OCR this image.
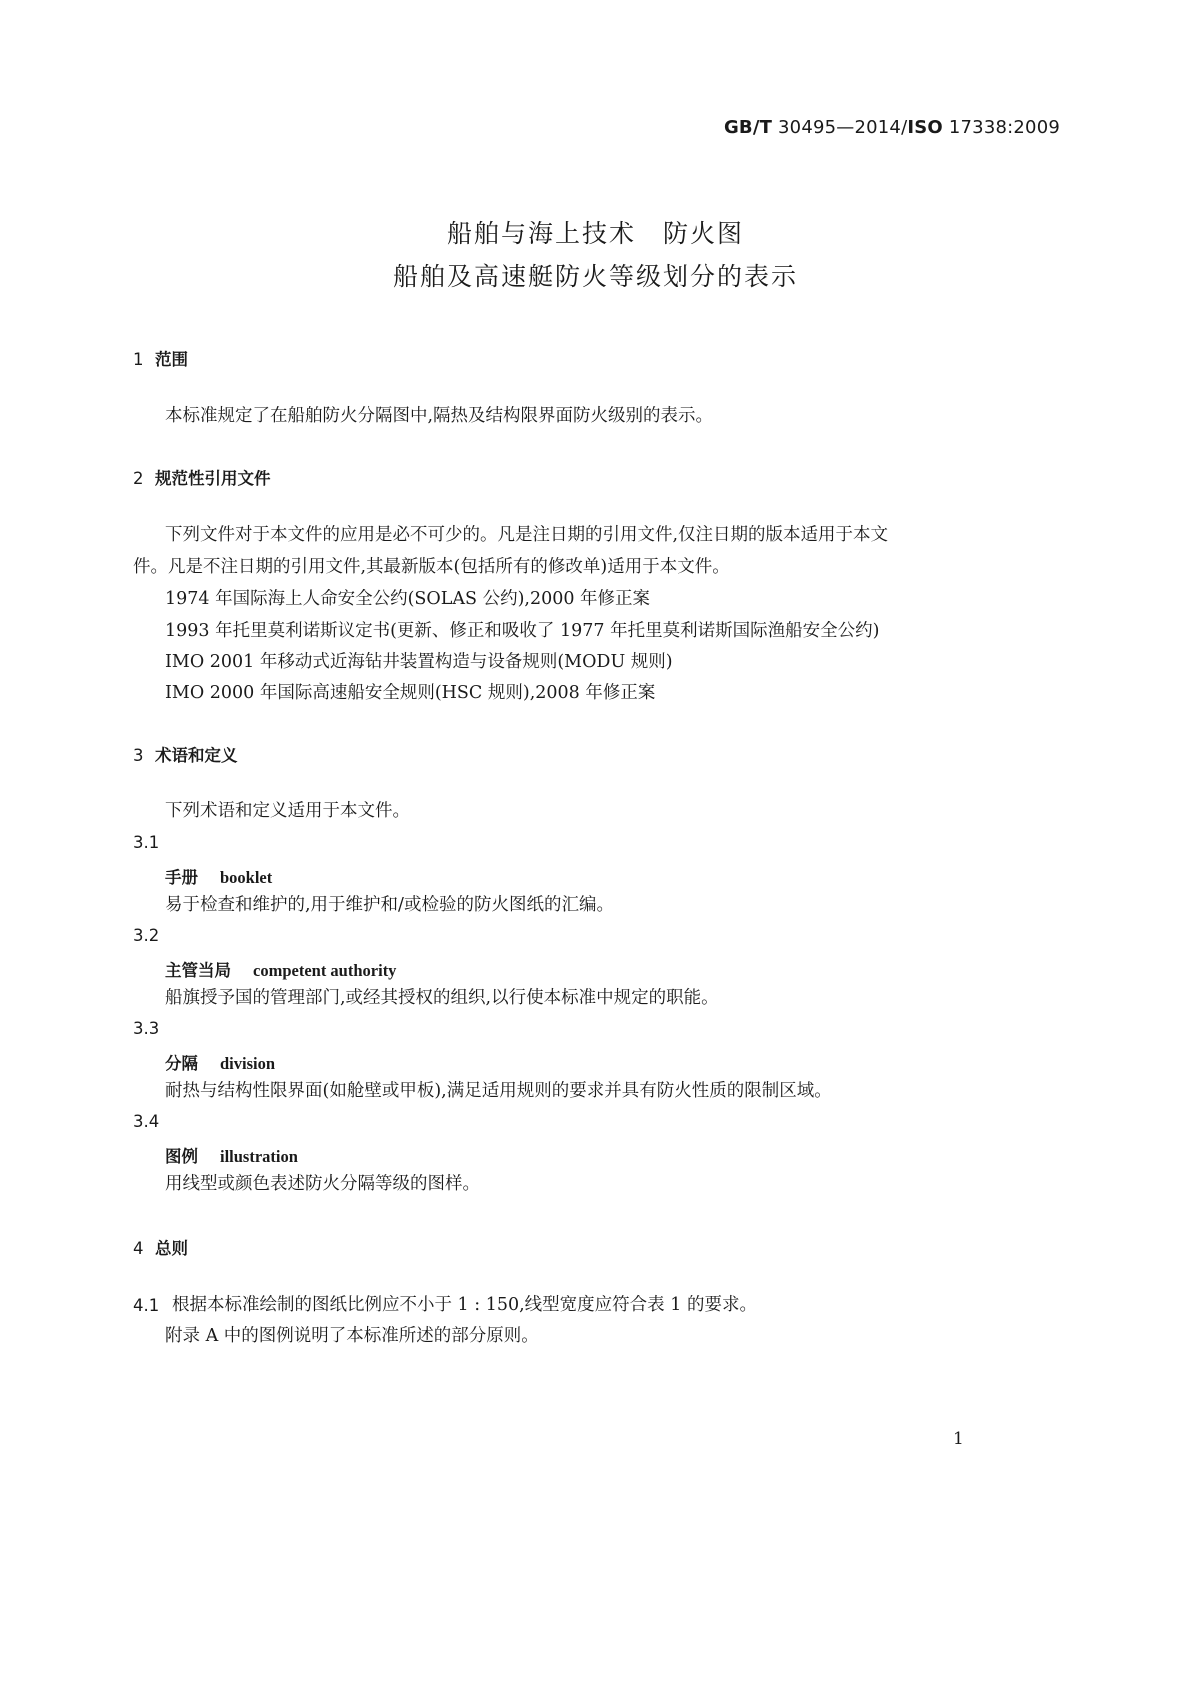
GB/T 30495—2014/ISO 17338:2009
船舶与海上技术　防火图
船舶及高速艇防火等级划分的表示
1 范围
本标准规定了在船舶防火分隔图中,隔热及结构限界面防火级别的表示。
2 规范性引用文件
下列文件对于本文件的应用是必不可少的。凡是注日期的引用文件,仅注日期的版本适用于本文
件。凡是不注日期的引用文件,其最新版本(包括所有的修改单)适用于本文件。
1974 年国际海上人命安全公约(SOLAS 公约),2000 年修正案
1993 年托里莫利诺斯议定书(更新、修正和吸收了 1977 年托里莫利诺斯国际渔船安全公约)
IMO 2001 年移动式近海钻井装置构造与设备规则(MODU 规则)
IMO 2000 年国际高速船安全规则(HSC 规则),2008 年修正案
3 术语和定义
下列术语和定义适用于本文件。
3.1
手册 booklet
易于检查和维护的,用于维护和/或检验的防火图纸的汇编。
3.2
主管当局 competent authority
船旗授予国的管理部门,或经其授权的组织,以行使本标准中规定的职能。
3.3
分隔 division
耐热与结构性限界面(如舱壁或甲板),满足适用规则的要求并具有防火性质的限制区域。
3.4
图例 illustration
用线型或颜色表述防火分隔等级的图样。
4 总则
4.1 根据本标准绘制的图纸比例应不小于 1 : 150,线型宽度应符合表 1 的要求。
附录 A 中的图例说明了本标准所述的部分原则。
1
